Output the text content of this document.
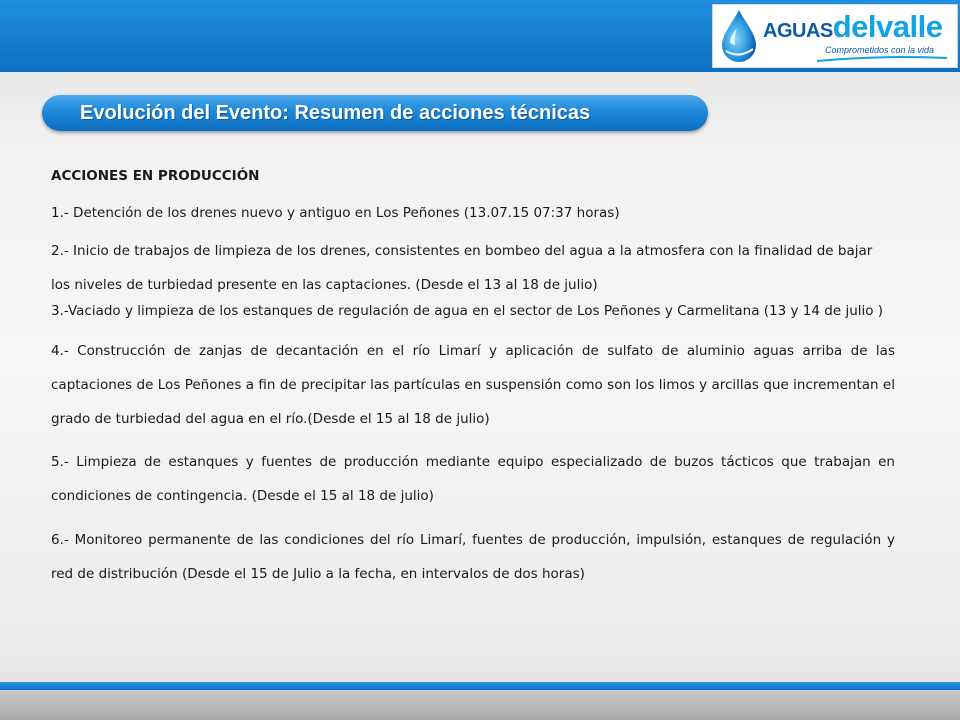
AGUASdelvalle
Comprometidos con la vida
Evolución del Evento: Resumen de acciones técnicas

ACCIONES EN PRODUCCIÓN

1.- Detención de los drenes nuevo y antiguo en Los Peñones (13.07.15 07:37 horas)

2.- Inicio de trabajos de limpieza de los drenes, consistentes en bombeo del agua a la atmosfera con la finalidad de bajar los niveles de turbiedad presente en las captaciones. (Desde el 13 al 18 de julio)

3.-Vaciado y limpieza de los estanques de regulación de agua en el sector de Los Peñones y Carmelitana (13 y 14 de julio )

4.- Construcción de zanjas de decantación en el río Limarí y aplicación de sulfato de aluminio aguas arriba de las captaciones de Los Peñones a fin de precipitar las partículas en suspensión como son los limos y arcillas que incrementan el grado de turbiedad del agua en el río.(Desde el 15 al 18 de julio)

5.- Limpieza de estanques y fuentes de producción mediante equipo especializado de buzos tácticos que trabajan en condiciones de contingencia. (Desde el 15 al 18 de julio)

6.- Monitoreo permanente de las condiciones del río Limarí, fuentes de producción, impulsión, estanques de regulación y red de distribución (Desde el 15 de Julio a la fecha, en intervalos de dos horas)
